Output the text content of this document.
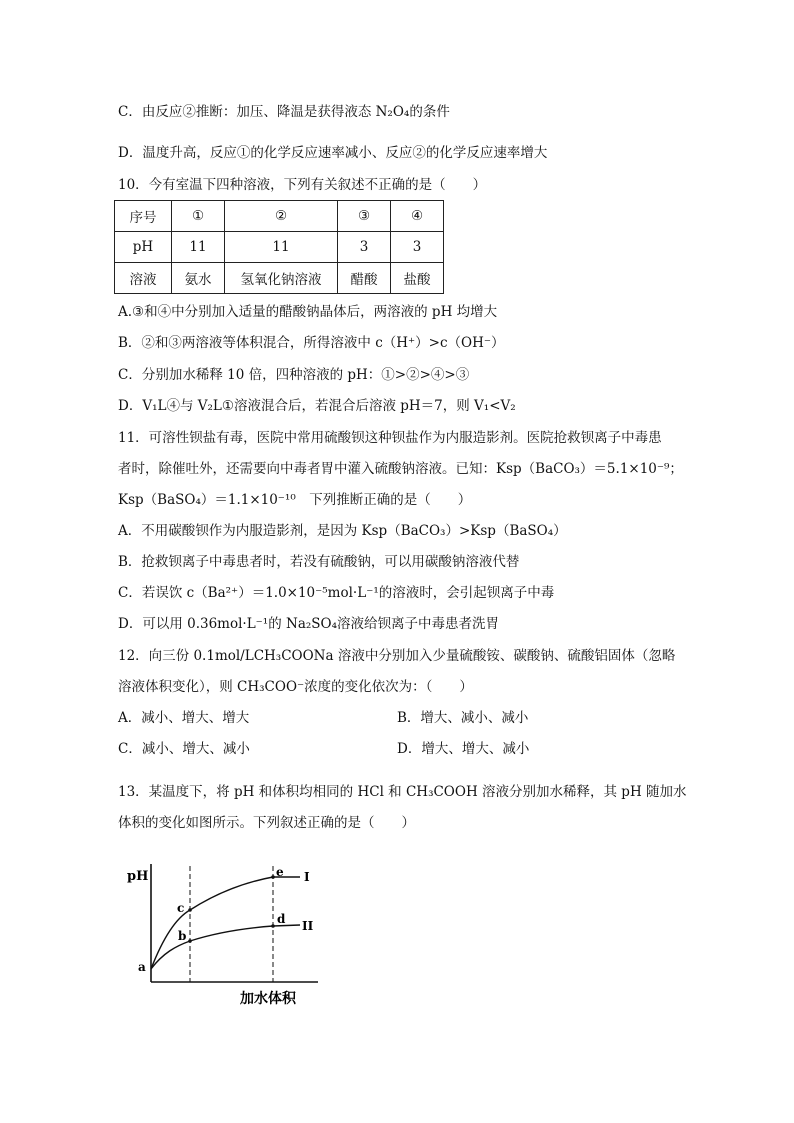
C．由反应②推断：加压、降温是获得液态 N₂O₄的条件
D．温度升高，反应①的化学反应速率减小、反应②的化学反应速率增大
10．今有室温下四种溶液，下列有关叙述不正确的是（　　）
序号	①	②	③	④
pH	11	11	3	3
溶液	氨水	氢氧化钠溶液	醋酸	盐酸
A.③和④中分别加入适量的醋酸钠晶体后，两溶液的 pH 均增大
B．②和③两溶液等体积混合，所得溶液中 c（H⁺）>c（OH⁻）
C．分别加水稀释 10 倍，四种溶液的 pH：①>②>④>③
D．V₁L④与 V₂L①溶液混合后，若混合后溶液 pH＝7，则 V₁<V₂
11．可溶性钡盐有毒，医院中常用硫酸钡这种钡盐作为内服造影剂。医院抢救钡离子中毒患
者时，除催吐外，还需要向中毒者胃中灌入硫酸钠溶液。已知：Ksp（BaCO₃）＝5.1×10⁻⁹；
Ksp（BaSO₄）＝1.1×10⁻¹⁰　下列推断正确的是（　　）
A．不用碳酸钡作为内服造影剂，是因为 Ksp（BaCO₃）>Ksp（BaSO₄）
B．抢救钡离子中毒患者时，若没有硫酸钠，可以用碳酸钠溶液代替
C．若误饮 c（Ba²⁺）＝1.0×10⁻⁵mol·L⁻¹的溶液时，会引起钡离子中毒
D．可以用 0.36mol·L⁻¹的 Na₂SO₄溶液给钡离子中毒患者洗胃
12．向三份 0.1mol/LCH₃COONa 溶液中分别加入少量硫酸铵、碳酸钠、硫酸铝固体（忽略
溶液体积变化），则 CH₃COO⁻浓度的变化依次为：（　　）
A．减小、增大、增大	B．增大、减小、减小
C．减小、增大、减小	D．增大、增大、减小
13．某温度下，将 pH 和体积均相同的 HCl 和 CH₃COOH 溶液分别加水稀释，其 pH 随加水
体积的变化如图所示。下列叙述正确的是（　　）
pH	I
II
a
b
c
d
e
加水体积
